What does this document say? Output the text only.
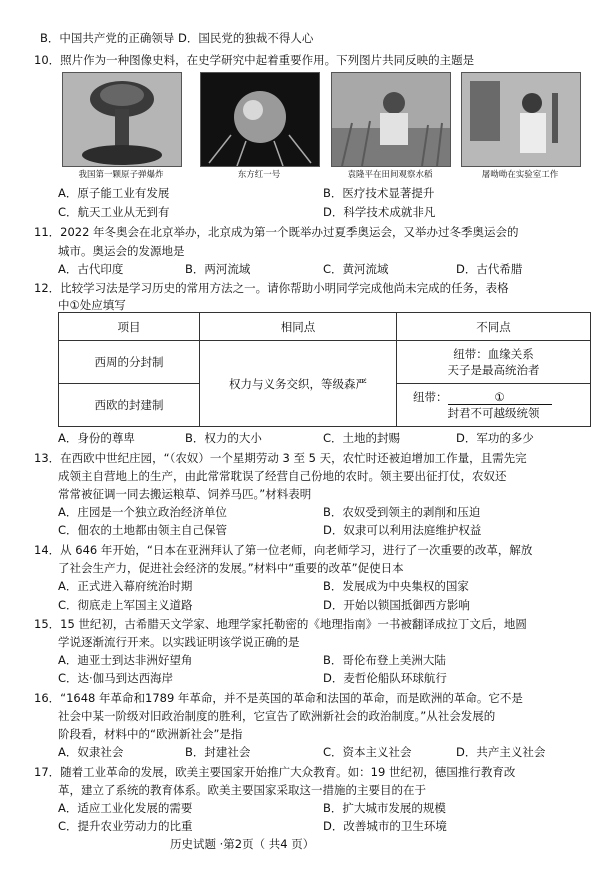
B．中国共产党的正确领导 D．国民党的独裁不得人心
10．照片作为一种图像史料，在史学研究中起着重要作用。下列图片共同反映的主题是
我国第一颗原子弹爆炸	东方红一号	袁隆平在田间观察水稻	屠呦呦在实验室工作
A．原子能工业有发展	B．医疗技术显著提升
C．航天工业从无到有	D．科学技术成就非凡
11．2022 年冬奥会在北京举办，北京成为第一个既举办过夏季奥运会，又举办过冬季奥运会的
城市。奥运会的发源地是
A．古代印度	B．两河流域	C．黄河流域	D．古代希腊
12．比较学习法是学习历史的常用方法之一。请你帮助小明同学完成他尚未完成的任务，表格
中①处应填写
项目	相同点	不同点
西周的分封制	权力与义务交织，等级森严	纽带：血缘关系
天子是最高统治者

西欧的封建制		纽带： ①
封君不可越级统领
A．身份的尊卑	B．权力的大小	C．土地的封赐	D．军功的多少
13．在西欧中世纪庄园，“（农奴）一个星期劳动 3 至 5 天，农忙时还被迫增加工作量，且需先完
成领主自营地上的生产，由此常常耽误了经营自己份地的农时。领主要出征打仗，农奴还
常常被征调一同去搬运粮草、饲养马匹。”材料表明
A．庄园是一个独立政治经济单位	B．农奴受到领主的剥削和压迫
C．佃农的土地都由领主自己保管	D．奴隶可以利用法庭维护权益
14．从 646 年开始，“日本在亚洲拜认了第一位老师，向老师学习，进行了一次重要的改革，解放
了社会生产力，促进社会经济的发展。”材料中“重要的改革”促使日本
A．正式进入幕府统治时期	B．发展成为中央集权的国家
C．彻底走上军国主义道路	D．开始以锁国抵御西方影响
15．15 世纪初，古希腊天文学家、地理学家托勒密的《地理指南》一书被翻译成拉丁文后，地圆
学说逐渐流行开来。以实践证明该学说正确的是
A．迪亚士到达非洲好望角	B．哥伦布登上美洲大陆
C．达·伽马到达西海岸	D．麦哲伦船队环球航行
16．“1648 年革命和1789 年革命，并不是英国的革命和法国的革命，而是欧洲的革命。它不是
社会中某一阶级对旧政治制度的胜利，它宣告了欧洲新社会的政治制度。”从社会发展的
阶段看，材料中的“欧洲新社会”是指
A．奴隶社会	B．封建社会	C．资本主义社会	D．共产主义社会
17．随着工业革命的发展，欧美主要国家开始推广大众教育。如：19 世纪初，德国推行教育改
革，建立了系统的教育体系。欧美主要国家采取这一措施的主要目的在于
A．适应工业化发展的需要	B．扩大城市发展的规模
C．提升农业劳动力的比重	D．改善城市的卫生环境
历史试题 ·第2页（ 共4 页）
